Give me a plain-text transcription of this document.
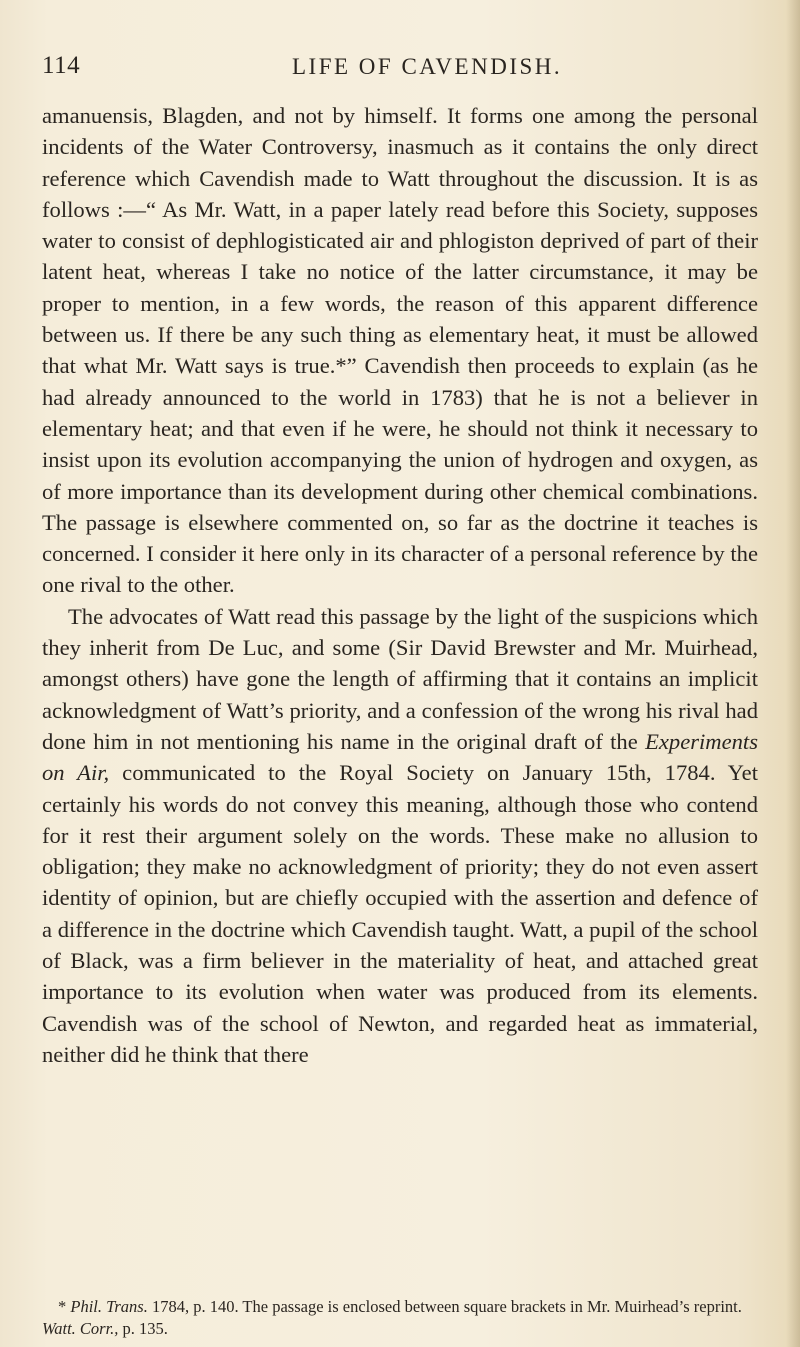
114	LIFE OF CAVENDISH.

amanuensis, Blagden, and not by himself. It forms one among the personal incidents of the Water Controversy, inasmuch as it contains the only direct reference which Cavendish made to Watt throughout the discussion. It is as follows :—“ As Mr. Watt, in a paper lately read before this Society, supposes water to consist of dephlogisticated air and phlogiston deprived of part of their latent heat, whereas I take no notice of the latter circumstance, it may be proper to mention, in a few words, the reason of this apparent difference between us. If there be any such thing as elementary heat, it must be allowed that what Mr. Watt says is true.*” Cavendish then proceeds to explain (as he had already announced to the world in 1783) that he is not a believer in elementary heat; and that even if he were, he should not think it necessary to insist upon its evolution accompanying the union of hydrogen and oxygen, as of more importance than its development during other chemical combinations. The passage is elsewhere commented on, so far as the doctrine it teaches is concerned. I consider it here only in its character of a personal reference by the one rival to the other.

The advocates of Watt read this passage by the light of the suspicions which they inherit from De Luc, and some (Sir David Brewster and Mr. Muirhead, amongst others) have gone the length of affirming that it contains an implicit acknowledgment of Watt’s priority, and a confession of the wrong his rival had done him in not mentioning his name in the original draft of the Experiments on Air, communicated to the Royal Society on January 15th, 1784. Yet certainly his words do not convey this meaning, although those who contend for it rest their argument solely on the words. These make no allusion to obligation; they make no acknowledgment of priority; they do not even assert identity of opinion, but are chiefly occupied with the assertion and defence of a difference in the doctrine which Cavendish taught. Watt, a pupil of the school of Black, was a firm believer in the materiality of heat, and attached great importance to its evolution when water was produced from its elements. Cavendish was of the school of Newton, and regarded heat as immaterial, neither did he think that there

* Phil. Trans. 1784, p. 140. The passage is enclosed between square brackets in Mr. Muirhead’s reprint. Watt. Corr., p. 135.
